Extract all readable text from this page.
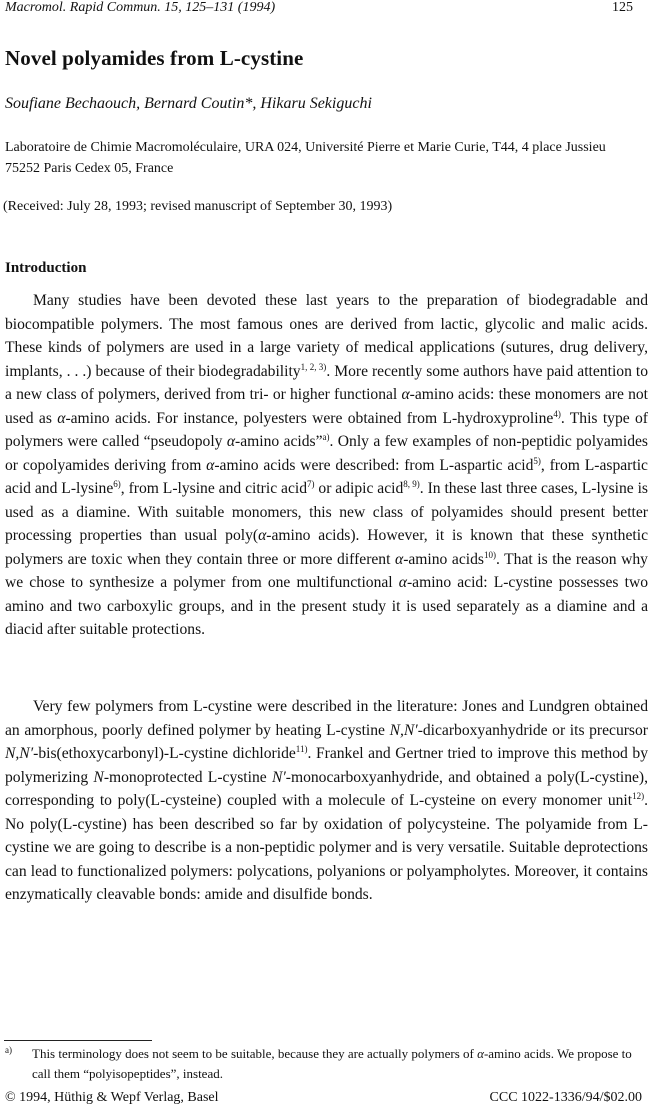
Macromol. Rapid Commun. 15, 125–131 (1994)	125
Novel polyamides from L-cystine
Soufiane Bechaouch, Bernard Coutin*, Hikaru Sekiguchi
Laboratoire de Chimie Macromoléculaire, URA 024, Université Pierre et Marie Curie, T44, 4 place Jussieu 75252 Paris Cedex 05, France
(Received: July 28, 1993; revised manuscript of September 30, 1993)
Introduction

Many studies have been devoted these last years to the preparation of biodegradable and biocompatible polymers. The most famous ones are derived from lactic, glycolic and malic acids. These kinds of polymers are used in a large variety of medical applications (sutures, drug delivery, implants, . . .) because of their biodegradability$^{1, 2, 3)}$. More recently some authors have paid attention to a new class of polymers, derived from tri- or higher functional α-amino acids: these monomers are not used as α-amino acids. For instance, polyesters were obtained from L-hydroxyproline$^{4)}$. This type of polymers were called “pseudopoly α-amino acids”$^{a)}$. Only a few examples of non-peptidic polyamides or copolyamides deriving from α-amino acids were described: from L-aspartic acid$^{5)}$, from L-aspartic acid and L-lysine$^{6)}$, from L-lysine and citric acid$^{7)}$ or adipic acid$^{8, 9)}$. In these last three cases, L-lysine is used as a diamine. With suitable monomers, this new class of polyamides should present better processing properties than usual poly(α-amino acids). However, it is known that these synthetic polymers are toxic when they contain three or more different α-amino acids$^{10)}$. That is the reason why we chose to synthesize a polymer from one multifunctional α-amino acid: L-cystine possesses two amino and two carboxylic groups, and in the present study it is used separately as a diamine and a diacid after suitable protections.

Very few polymers from L-cystine were described in the literature: Jones and Lundgren obtained an amorphous, poorly defined polymer by heating L-cystine N,N′-dicarboxyanhydride or its precursor N,N′-bis(ethoxycarbonyl)-L-cystine dichloride$^{11)}$. Frankel and Gertner tried to improve this method by polymerizing N-monoprotected L-cystine N′-monocarboxyanhydride, and obtained a poly(L-cystine), corresponding to poly(L-cysteine) coupled with a molecule of L-cysteine on every monomer unit$^{12)}$. No poly(L-cystine) has been described so far by oxidation of polycysteine. The polyamide from L-cystine we are going to describe is a non-peptidic polymer and is very versatile. Suitable deprotections can lead to functionalized polymers: polycations, polyanions or polyampholytes. Moreover, it contains enzymatically cleavable bonds: amide and disulfide bonds.

a) This terminology does not seem to be suitable, because they are actually polymers of α-amino acids. We propose to call them “polyisopeptides”, instead.
© 1994, Hüthig & Wepf Verlag, Basel	CCC 1022-1336/94/$02.00
